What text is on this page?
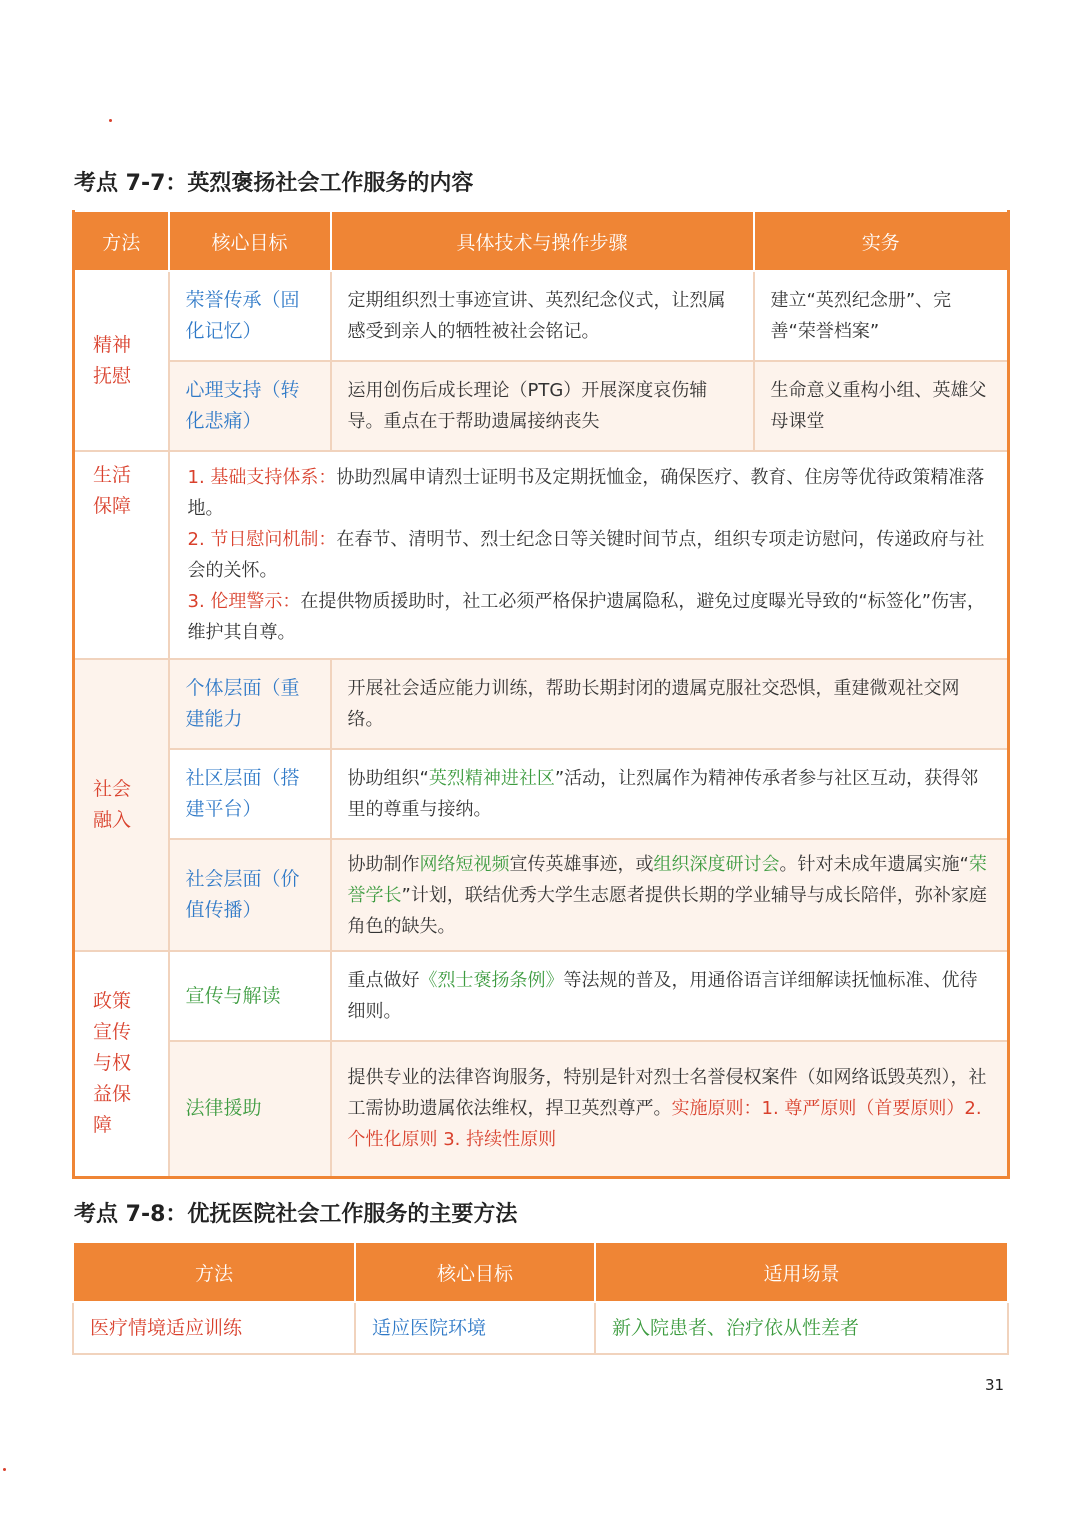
考点 7-7：英烈褒扬社会工作服务的内容
方法	核心目标	具体技术与操作步骤	实务
精神抚慰	荣誉传承（固化记忆）	定期组织烈士事迹宣讲、英烈纪念仪式，让烈属感受到亲人的牺牲被社会铭记。	建立“英烈纪念册”、完善“荣誉档案”
	心理支持（转化悲痛）	运用创伤后成长理论（PTG）开展深度哀伤辅导。重点在于帮助遗属接纳丧失	生命意义重构小组、英雄父母课堂
生活保障	1. 基础支持体系：协助烈属申请烈士证明书及定期抚恤金，确保医疗、教育、住房等优待政策精准落地。
2. 节日慰问机制：在春节、清明节、烈士纪念日等关键时间节点，组织专项走访慰问，传递政府与社会的关怀。
3. 伦理警示：在提供物质援助时，社工必须严格保护遗属隐私，避免过度曝光导致的“标签化”伤害，维护其自尊。		

社会融入	个体层面（重建能力	开展社会适应能力训练，帮助长期封闭的遗属克服社交恐惧，重建微观社交网络。	
	社区层面（搭建平台）	协助组织“英烈精神进社区”活动，让烈属作为精神传承者参与社区互动，获得邻里的尊重与接纳。	
	社会层面（价值传播）	协助制作网络短视频宣传英雄事迹，或组织深度研讨会。针对未成年遗属实施“荣誉学长”计划，联结优秀大学生志愿者提供长期的学业辅导与成长陪伴，弥补家庭角色的缺失。	
政策宣传与权益保障	宣传与解读	重点做好《烈士褒扬条例》等法规的普及，用通俗语言详细解读抚恤标准、优待细则。	
	法律援助	提供专业的法律咨询服务，特别是针对烈士名誉侵权案件（如网络诋毁英烈），社工需协助遗属依法维权，捍卫英烈尊严。实施原则：1. 尊严原则（首要原则）2. 个性化原则 3. 持续性原则	
考点 7-8：优抚医院社会工作服务的主要方法
方法	核心目标	适用场景
医疗情境适应训练	适应医院环境	新入院患者、治疗依从性差者
31
